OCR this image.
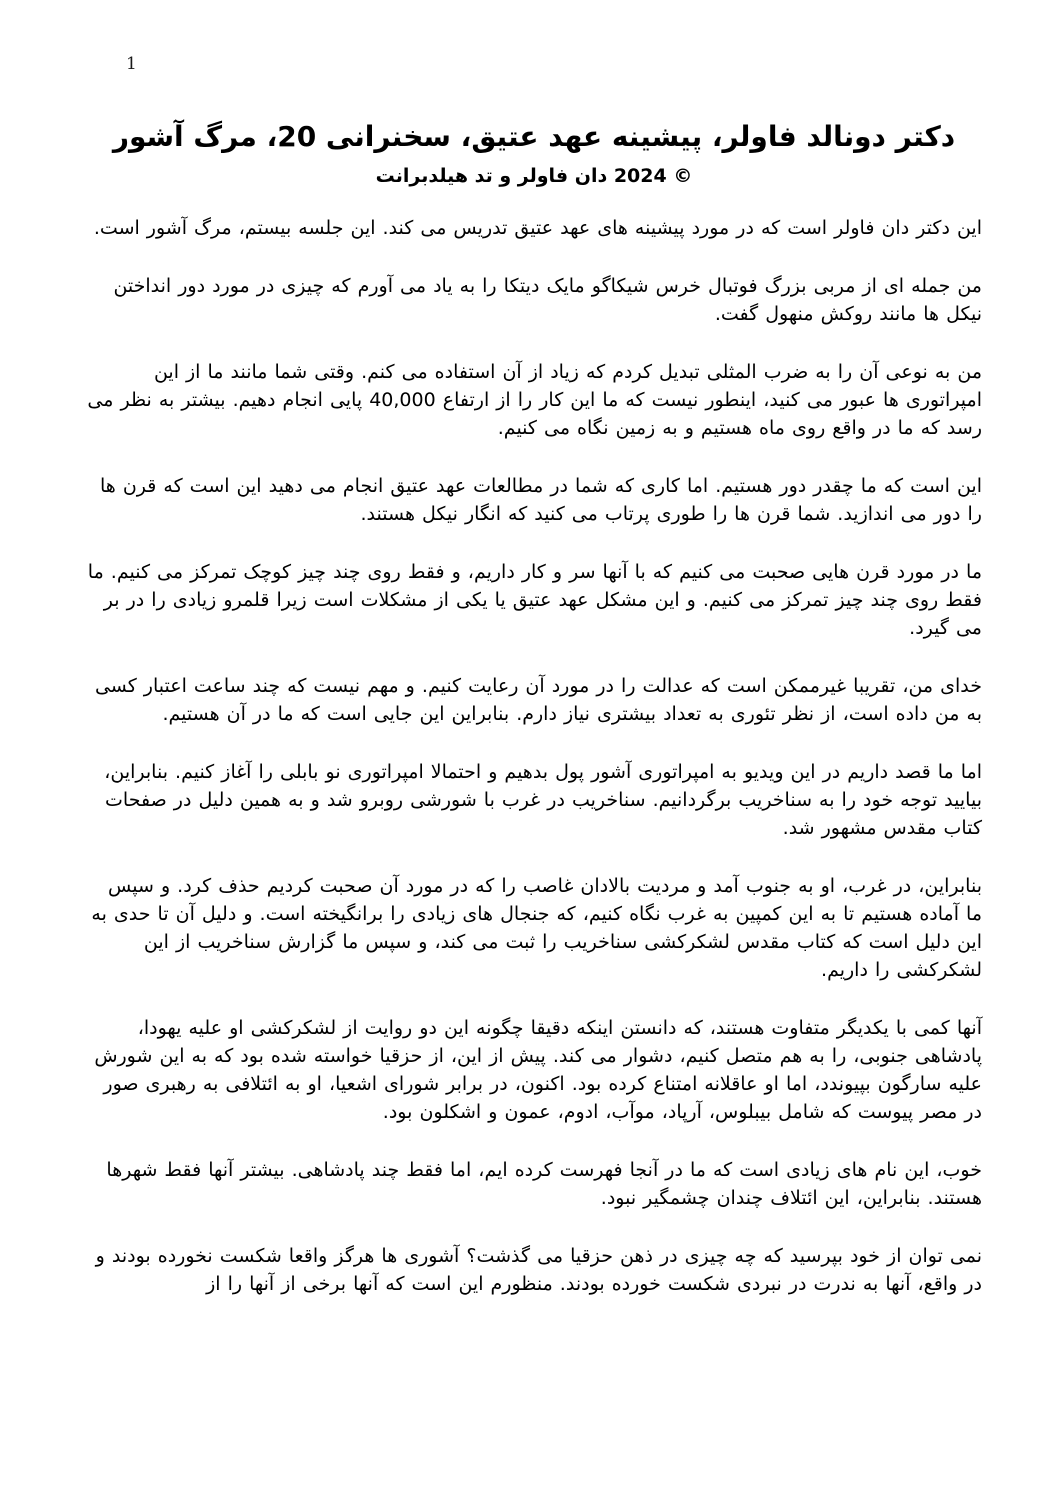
1
دکتر دونالد فاولر، پیشینه عهد عتیق، سخنرانی 20، مرگ آشور
© 2024 دان فاولر و تد هیلدبرانت

این دکتر دان فاولر است که در مورد پیشینه های عهد عتیق تدریس می کند. این جلسه بیستم، مرگ آشور است.

من جمله ای از مربی بزرگ فوتبال خرس شیکاگو مایک دیتکا را به یاد می آورم که چیزی در مورد دور انداختن نیکل ها مانند روکش منهول گفت.

من به نوعی آن را به ضرب المثلی تبدیل کردم که زیاد از آن استفاده می کنم. وقتی شما مانند ما از این امپراتوری ها عبور می کنید، اینطور نیست که ما این کار را از ارتفاع 40,000 پایی انجام دهیم. بیشتر به نظر می رسد که ما در واقع روی ماه هستیم و به زمین نگاه می کنیم.

این است که ما چقدر دور هستیم. اما کاری که شما در مطالعات عهد عتیق انجام می دهید این است که قرن ها را دور می اندازید. شما قرن ها را طوری پرتاب می کنید که انگار نیکل هستند.

ما در مورد قرن هایی صحبت می کنیم که با آنها سر و کار داریم، و فقط روی چند چیز کوچک تمرکز می کنیم. ما فقط روی چند چیز تمرکز می کنیم. و این مشکل عهد عتیق یا یکی از مشکلات است زیرا قلمرو زیادی را در بر می گیرد.

خدای من، تقریبا غیرممکن است که عدالت را در مورد آن رعایت کنیم. و مهم نیست که چند ساعت اعتبار کسی به من داده است، از نظر تئوری به تعداد بیشتری نیاز دارم. بنابراین این جایی است که ما در آن هستیم.

اما ما قصد داریم در این ویدیو به امپراتوری آشور پول بدهیم و احتمالا امپراتوری نو بابلی را آغاز کنیم. بنابراین، بیایید توجه خود را به سناخریب برگردانیم. سناخریب در غرب با شورشی روبرو شد و به همین دلیل در صفحات کتاب مقدس مشهور شد.

بنابراین، در غرب، او به جنوب آمد و مردیت بالادان غاصب را که در مورد آن صحبت کردیم حذف کرد. و سپس ما آماده هستیم تا به این کمپین به غرب نگاه کنیم، که جنجال های زیادی را برانگیخته است. و دلیل آن تا حدی به این دلیل است که کتاب مقدس لشکرکشی سناخریب را ثبت می کند، و سپس ما گزارش سناخریب از این لشکرکشی را داریم.

آنها کمی با یکدیگر متفاوت هستند، که دانستن اینکه دقیقا چگونه این دو روایت از لشکرکشی او علیه یهودا، پادشاهی جنوبی، را به هم متصل کنیم، دشوار می کند. پیش از این، از حزقیا خواسته شده بود که به این شورش علیه سارگون بپیوندد، اما او عاقلانه امتناع کرده بود. اکنون، در برابر شورای اشعیا، او به ائتلافی به رهبری صور در مصر پیوست که شامل بیبلوس، آرپاد، موآب، ادوم، عمون و اشکلون بود.

خوب، این نام های زیادی است که ما در آنجا فهرست کرده ایم، اما فقط چند پادشاهی. بیشتر آنها فقط شهرها هستند. بنابراین، این ائتلاف چندان چشمگیر نبود.

نمی توان از خود بپرسید که چه چیزی در ذهن حزقیا می گذشت؟ آشوری ها هرگز واقعا شکست نخورده بودند و در واقع، آنها به ندرت در نبردی شکست خورده بودند. منظورم این است که آنها برخی از آنها را از
